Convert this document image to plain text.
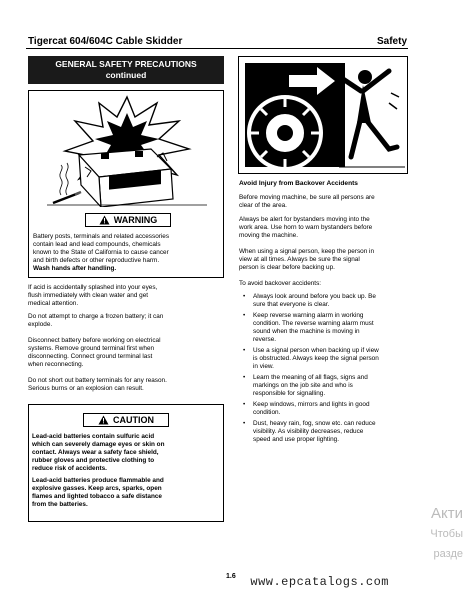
Tigercat 604/604C Cable Skidder	Safety
GENERAL SAFETY PRECAUTIONS
continued
WARNING
Battery posts, terminals and related accessories
contain lead and lead compounds, chemicals
known to the State of California to cause cancer
and birth defects or other reproductive harm.
Wash hands after handling.
If acid is accidentally splashed into your eyes,
flush immediately with clean water and get
medical attention.
Do not attempt to charge a frozen battery; it can
explode.
Disconnect battery before working on electrical
systems. Remove ground terminal first when
disconnecting. Connect ground terminal last
when reconnecting.
Do not short out battery terminals for any reason.
Serious burns or an explosion can result.
CAUTION
Lead-acid batteries contain sulfuric acid
which can severely damage eyes or skin on
contact. Always wear a safety face shield,
rubber gloves and protective clothing to
reduce risk of accidents.
Lead-acid batteries produce flammable and
explosive gasses. Keep arcs, sparks, open
flames and lighted tobacco a safe distance
from the batteries.
Avoid Injury from Backover Accidents
Before moving machine, be sure all persons are
clear of the area.
Always be alert for bystanders moving into the
work area. Use horn to warn bystanders before
moving the machine.
When using a signal person, keep the person in
view at all times. Always be sure the signal
person is clear before backing up.
To avoid backover accidents:
• Always look around before you back up. Be
sure that everyone is clear.
• Keep reverse warning alarm in working
condition. The reverse warning alarm must
sound when the machine is moving in
reverse.
• Use a signal person when backing up if view
is obstructed. Always keep the signal person
in view.
• Learn the meaning of all flags, signs and
markings on the job site and who is
responsible for signalling.
• Keep windows, mirrors and lights in good
condition.
• Dust, heavy rain, fog, snow etc. can reduce
visibility. As visibility decreases, reduce
speed and use proper lighting.
1.6 www.epcatalogs.com
Акти
Чтобы
разде
